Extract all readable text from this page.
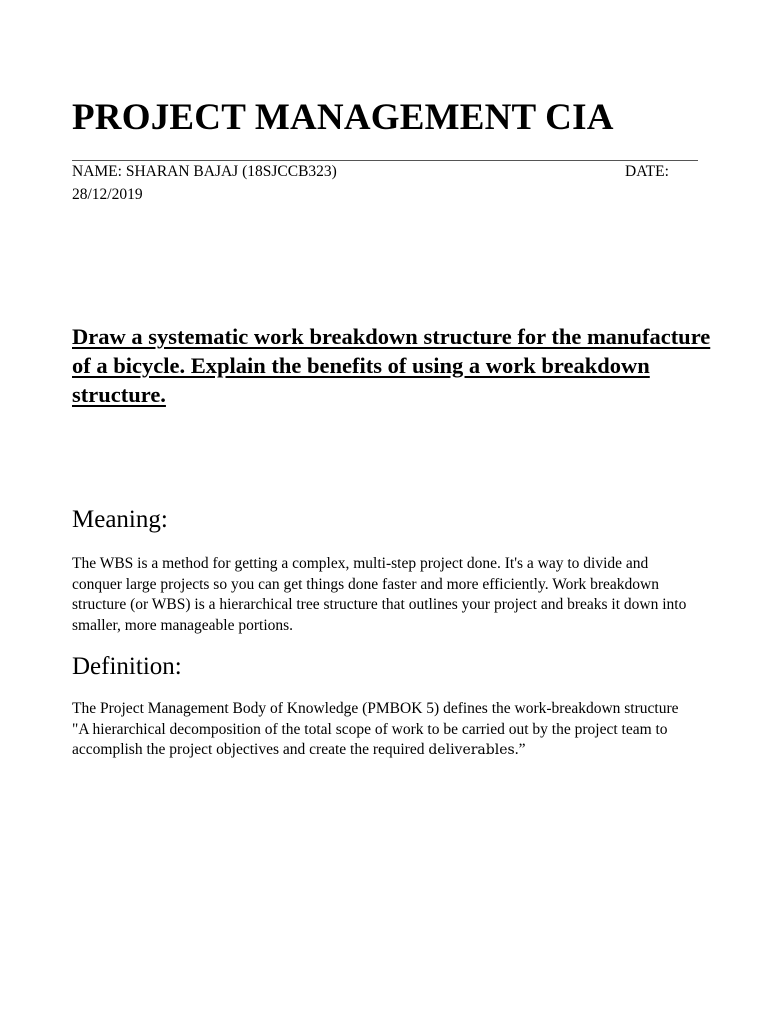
PROJECT MANAGEMENT CIA
NAME: SHARAN BAJAJ (18SJCCB323)	DATE:
28/12/2019

Draw a systematic work breakdown structure for the manufacture of a bicycle. Explain the benefits of using a work breakdown structure.

Meaning:

The WBS is a method for getting a complex, multi-step project done. It's a way to divide and conquer large projects so you can get things done faster and more efficiently. Work breakdown structure (or WBS) is a hierarchical tree structure that outlines your project and breaks it down into smaller, more manageable portions.

Definition:

The Project Management Body of Knowledge (PMBOK 5) defines the work-breakdown structure "A hierarchical decomposition of the total scope of work to be carried out by the project team to accomplish the project objectives and create the required deliverables.”
